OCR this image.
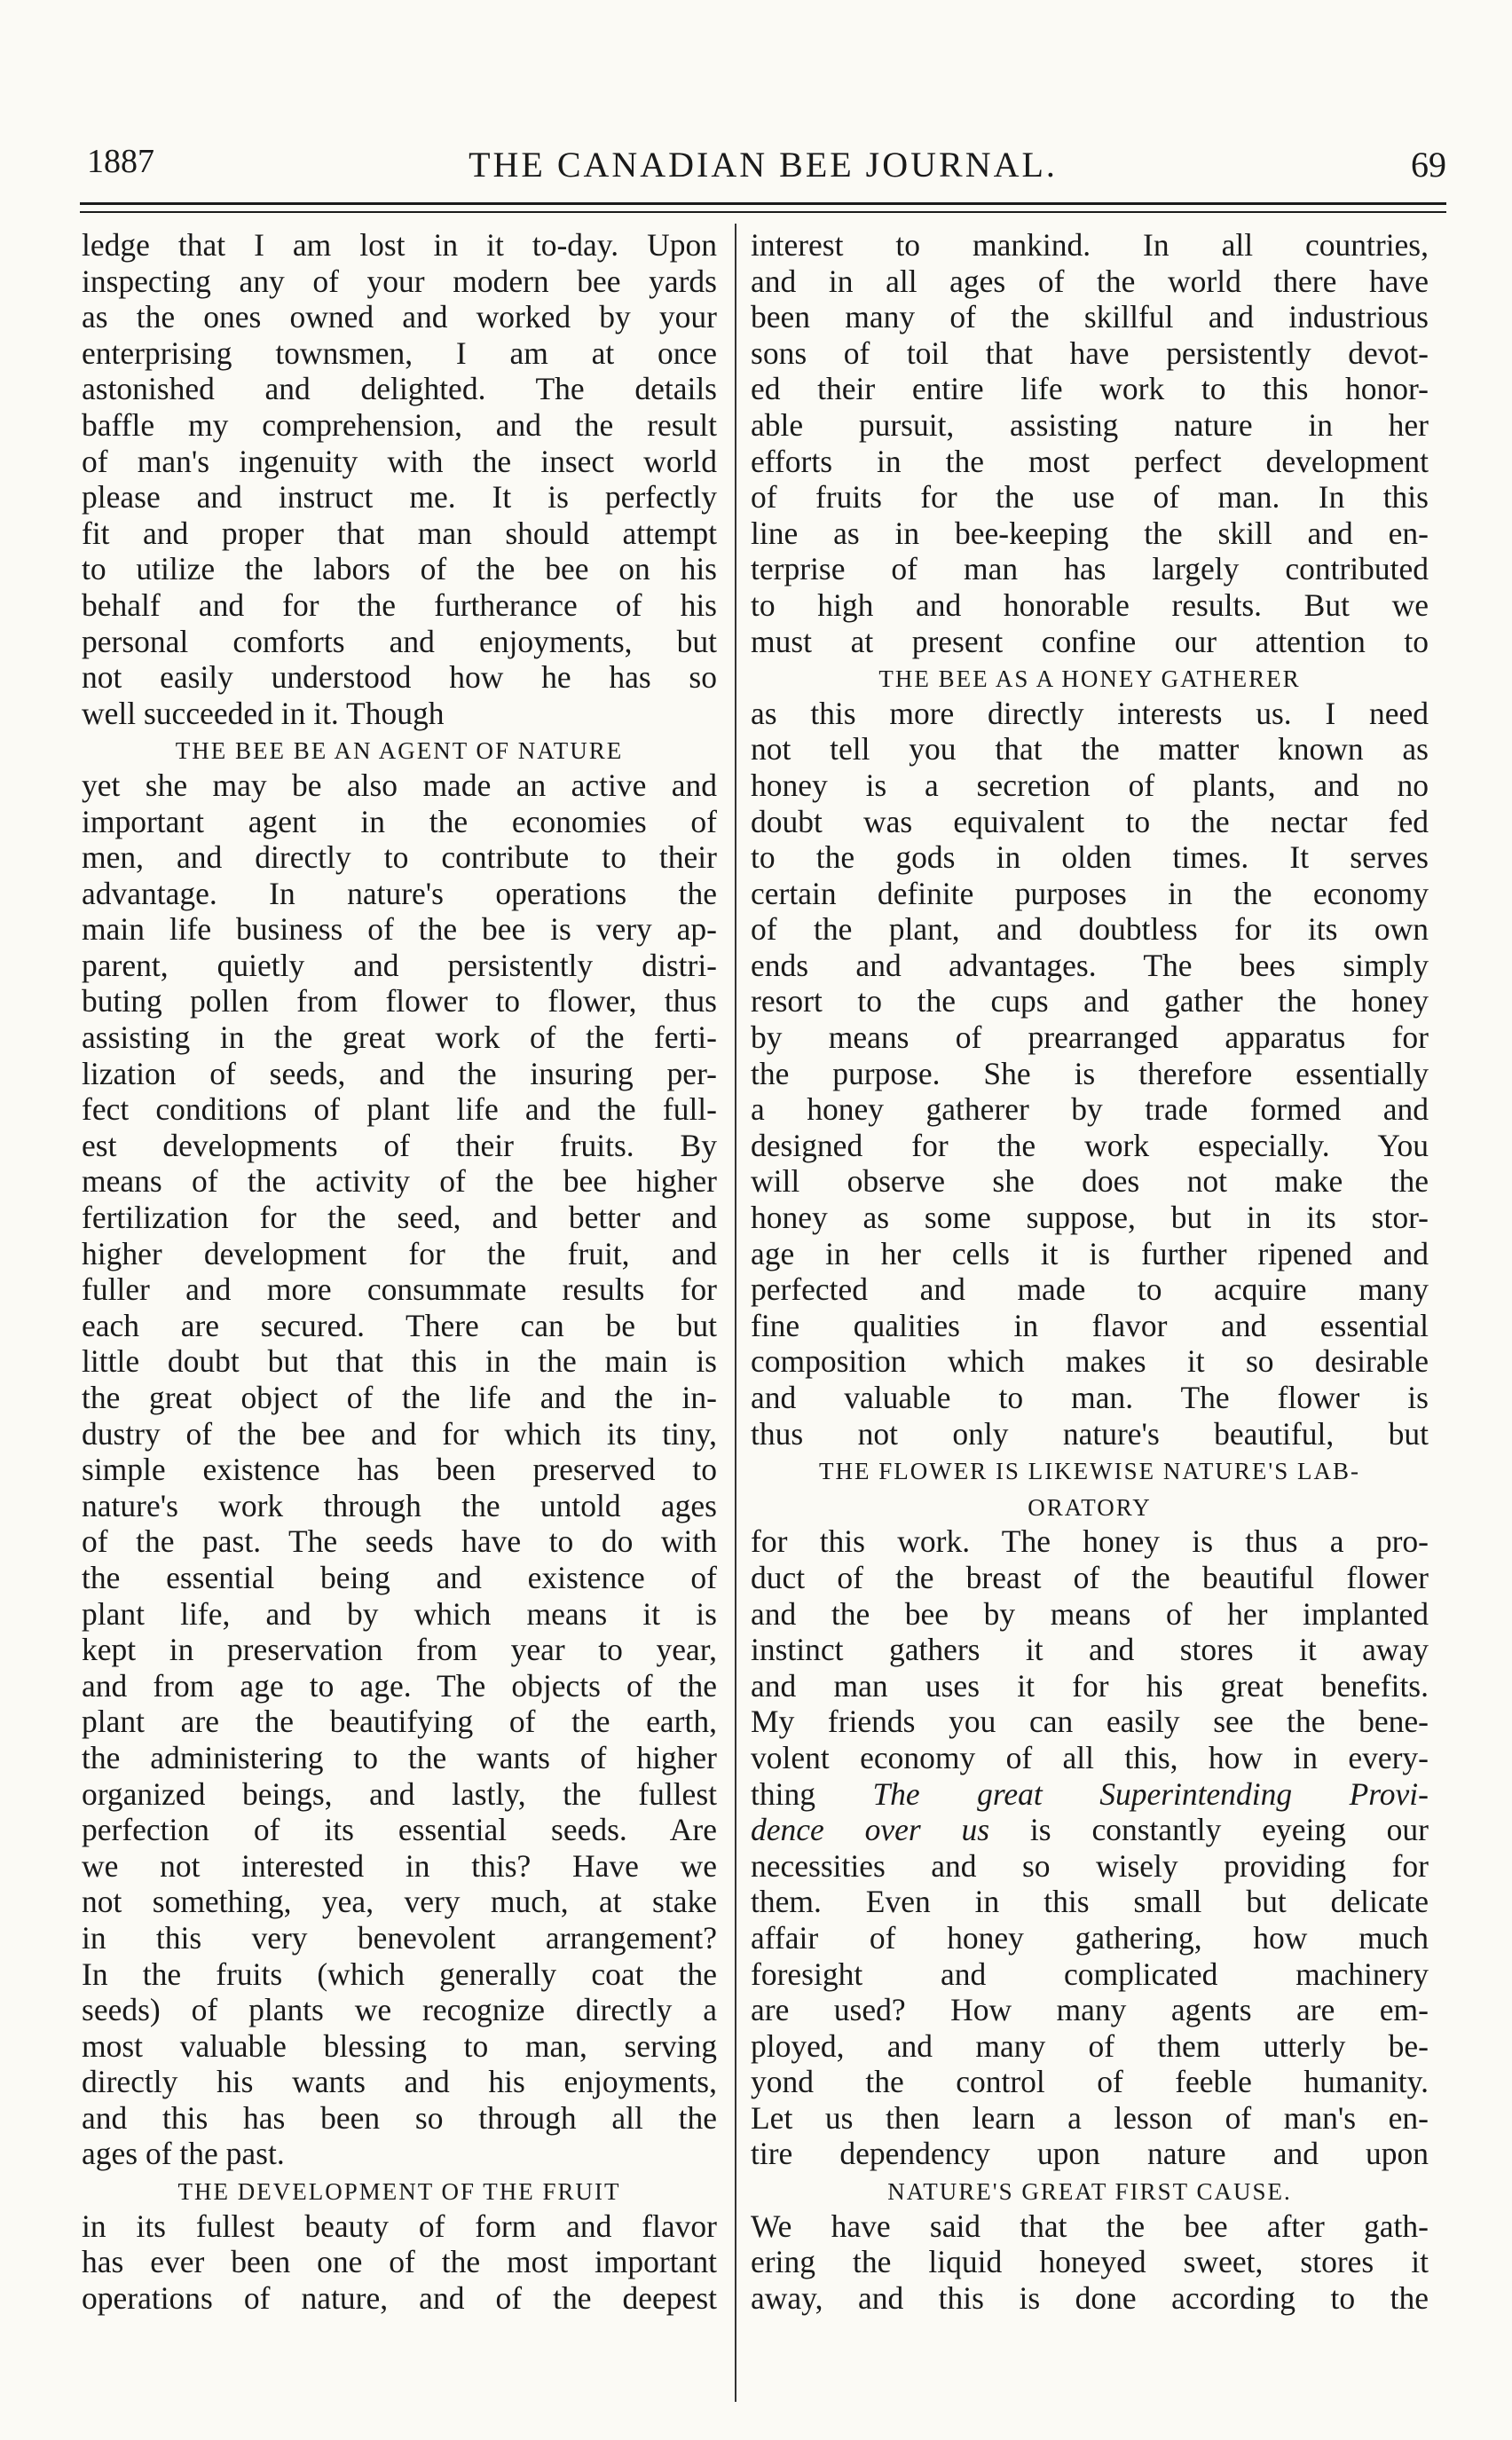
1887	THE CANADIAN BEE JOURNAL.	69
ledge that I am lost in it to-day. Upon
inspecting any of your modern bee yards
as the ones owned and worked by your
enterprising townsmen, I am at once
astonished and delighted. The details
baffle my comprehension, and the result
of man's ingenuity with the insect world
please and instruct me. It is perfectly
fit and proper that man should attempt
to utilize the labors of the bee on his
behalf and for the furtherance of his
personal comforts and enjoyments, but
not easily understood how he has so
well succeeded in it. Though
THE BEE BE AN AGENT OF NATURE
yet she may be also made an active and
important agent in the economies of
men, and directly to contribute to their
advantage. In nature's operations the
main life business of the bee is very ap-
parent, quietly and persistently distri-
buting pollen from flower to flower, thus
assisting in the great work of the ferti-
lization of seeds, and the insuring per-
fect conditions of plant life and the full-
est developments of their fruits. By
means of the activity of the bee higher
fertilization for the seed, and better and
higher development for the fruit, and
fuller and more consummate results for
each are secured. There can be but
little doubt but that this in the main is
the great object of the life and the in-
dustry of the bee and for which its tiny,
simple existence has been preserved to
nature's work through the untold ages
of the past. The seeds have to do with
the essential being and existence of
plant life, and by which means it is
kept in preservation from year to year,
and from age to age. The objects of the
plant are the beautifying of the earth,
the administering to the wants of higher
organized beings, and lastly, the fullest
perfection of its essential seeds. Are
we not interested in this? Have we
not something, yea, very much, at stake
in this very benevolent arrangement?
In the fruits (which generally coat the
seeds) of plants we recognize directly a
most valuable blessing to man, serving
directly his wants and his enjoyments,
and this has been so through all the
ages of the past.
THE DEVELOPMENT OF THE FRUIT
in its fullest beauty of form and flavor
has ever been one of the most important
operations of nature, and of the deepest
interest to mankind. In all countries,
and in all ages of the world there have
been many of the skillful and industrious
sons of toil that have persistently devot-
ed their entire life work to this honor-
able pursuit, assisting nature in her
efforts in the most perfect development
of fruits for the use of man. In this
line as in bee-keeping the skill and en-
terprise of man has largely contributed
to high and honorable results. But we
must at present confine our attention to
THE BEE AS A HONEY GATHERER
as this more directly interests us. I need
not tell you that the matter known as
honey is a secretion of plants, and no
doubt was equivalent to the nectar fed
to the gods in olden times. It serves
certain definite purposes in the economy
of the plant, and doubtless for its own
ends and advantages. The bees simply
resort to the cups and gather the honey
by means of prearranged apparatus for
the purpose. She is therefore essentially
a honey gatherer by trade formed and
designed for the work especially. You
will observe she does not make the
honey as some suppose, but in its stor-
age in her cells it is further ripened and
perfected and made to acquire many
fine qualities in flavor and essential
composition which makes it so desirable
and valuable to man. The flower is
thus not only nature's beautiful, but
THE FLOWER IS LIKEWISE NATURE'S LAB-
ORATORY
for this work. The honey is thus a pro-
duct of the breast of the beautiful flower
and the bee by means of her implanted
instinct gathers it and stores it away
and man uses it for his great benefits.
My friends you can easily see the bene-
volent economy of all this, how in every-
thing The great Superintending Provi-
dence over us is constantly eyeing our
necessities and so wisely providing for
them. Even in this small but delicate
affair of honey gathering, how much
foresight and complicated machinery
are used? How many agents are em-
ployed, and many of them utterly be-
yond the control of feeble humanity.
Let us then learn a lesson of man's en-
tire dependency upon nature and upon
NATURE'S GREAT FIRST CAUSE.
We have said that the bee after gath-
ering the liquid honeyed sweet, stores it
away, and this is done according to the
